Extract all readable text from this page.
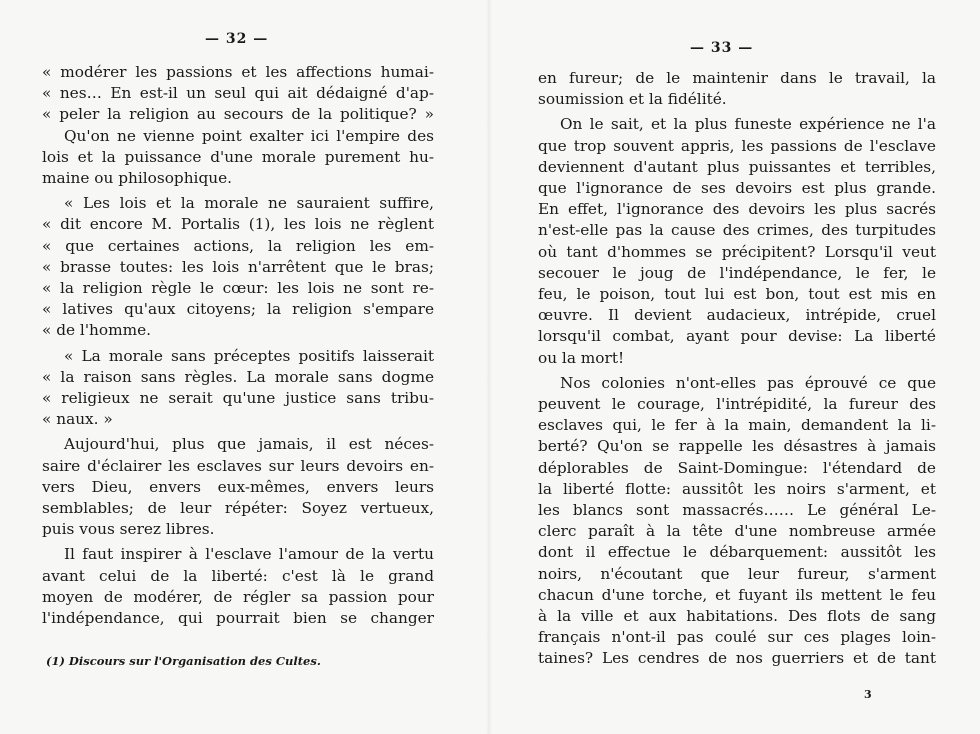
— 32 —
« modérer les passions et les affections humai-
« nes… En est-il un seul qui ait dédaigné d'ap-
« peler la religion au secours de la politique? »
Qu'on ne vienne point exalter ici l'empire des
lois et la puissance d'une morale purement hu-
maine ou philosophique.
« Les lois et la morale ne sauraient suffire,
« dit encore M. Portalis (1), les lois ne règlent
« que certaines actions, la religion les em-
« brasse toutes: les lois n'arrêtent que le bras;
« la religion règle le cœur: les lois ne sont re-
« latives qu'aux citoyens; la religion s'empare
« de l'homme.
« La morale sans préceptes positifs laisserait
« la raison sans règles. La morale sans dogme
« religieux ne serait qu'une justice sans tribu-
« naux. »
Aujourd'hui, plus que jamais, il est néces-
saire d'éclairer les esclaves sur leurs devoirs en-
vers Dieu, envers eux-mêmes, envers leurs
semblables; de leur répéter: Soyez vertueux,
puis vous serez libres.
Il faut inspirer à l'esclave l'amour de la vertu
avant celui de la liberté: c'est là le grand
moyen de modérer, de régler sa passion pour
l'indépendance, qui pourrait bien se changer
(1) Discours sur l'Organisation des Cultes.
— 33 —
en fureur; de le maintenir dans le travail, la
soumission et la fidélité.
On le sait, et la plus funeste expérience ne l'a
que trop souvent appris, les passions de l'esclave
deviennent d'autant plus puissantes et terribles,
que l'ignorance de ses devoirs est plus grande.
En effet, l'ignorance des devoirs les plus sacrés
n'est-elle pas la cause des crimes, des turpitudes
où tant d'hommes se précipitent? Lorsqu'il veut
secouer le joug de l'indépendance, le fer, le
feu, le poison, tout lui est bon, tout est mis en
œuvre. Il devient audacieux, intrépide, cruel
lorsqu'il combat, ayant pour devise: La liberté
ou la mort!
Nos colonies n'ont-elles pas éprouvé ce que
peuvent le courage, l'intrépidité, la fureur des
esclaves qui, le fer à la main, demandent la li-
berté? Qu'on se rappelle les désastres à jamais
déplorables de Saint-Domingue: l'étendard de
la liberté flotte: aussitôt les noirs s'arment, et
les blancs sont massacrés…… Le général Le-
clerc paraît à la tête d'une nombreuse armée
dont il effectue le débarquement: aussitôt les
noirs, n'écoutant que leur fureur, s'arment
chacun d'une torche, et fuyant ils mettent le feu
à la ville et aux habitations. Des flots de sang
français n'ont-il pas coulé sur ces plages loin-
taines? Les cendres de nos guerriers et de tant
3
